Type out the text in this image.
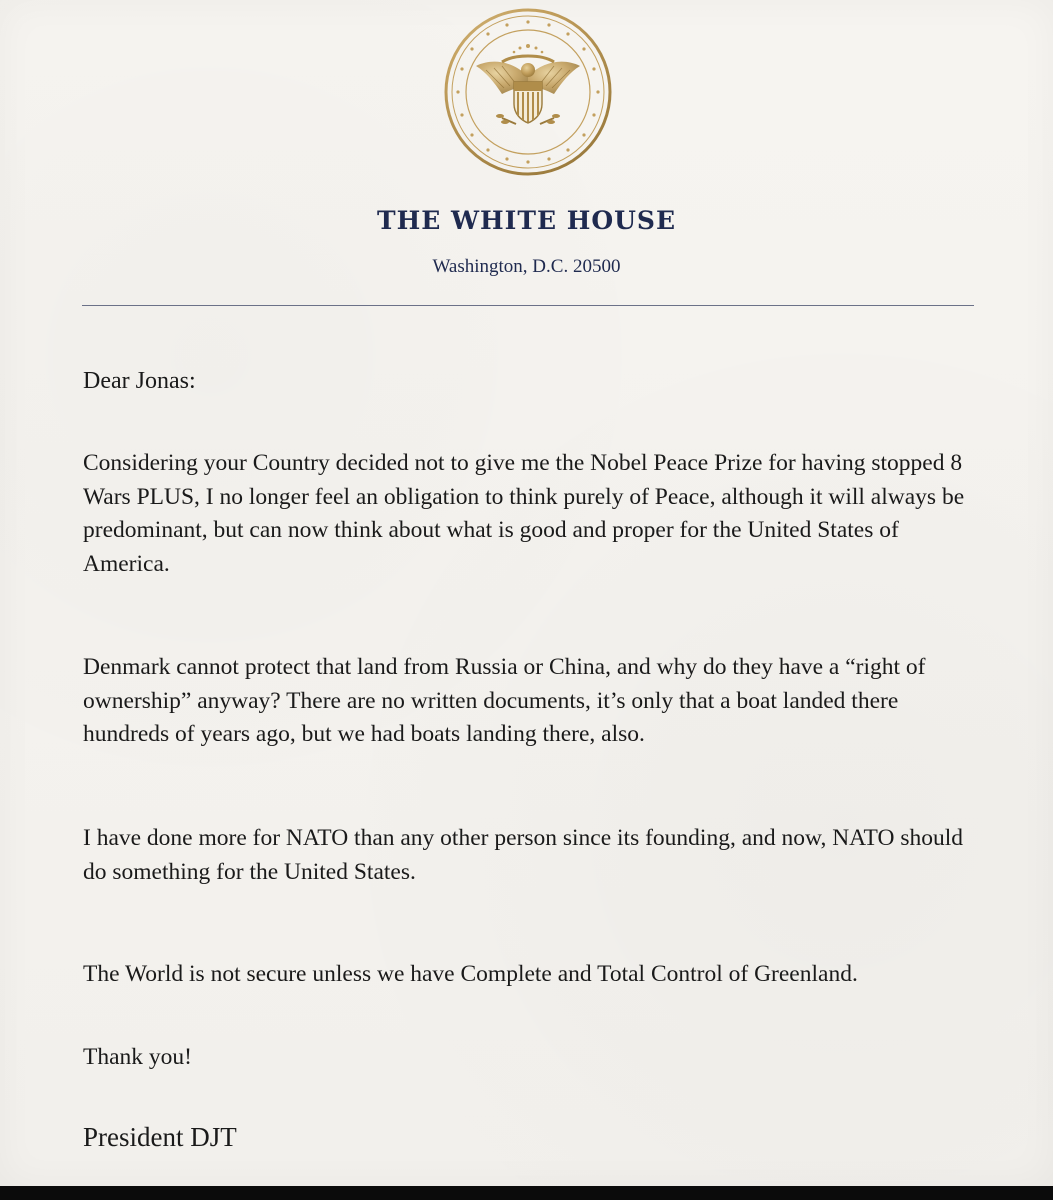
THE WHITE HOUSE

Washington, D.C. 20500

Dear Jonas:

Considering your Country decided not to give me the Nobel Peace Prize for having stopped 8 Wars PLUS, I no longer feel an obligation to think purely of Peace, although it will always be predominant, but can now think about what is good and proper for the United States of America.

Denmark cannot protect that land from Russia or China, and why do they have a “right of ownership” anyway? There are no written documents, it’s only that a boat landed there hundreds of years ago, but we had boats landing there, also.

I have done more for NATO than any other person since its founding, and now, NATO should do something for the United States.

The World is not secure unless we have Complete and Total Control of Greenland.

Thank you!

President DJT
